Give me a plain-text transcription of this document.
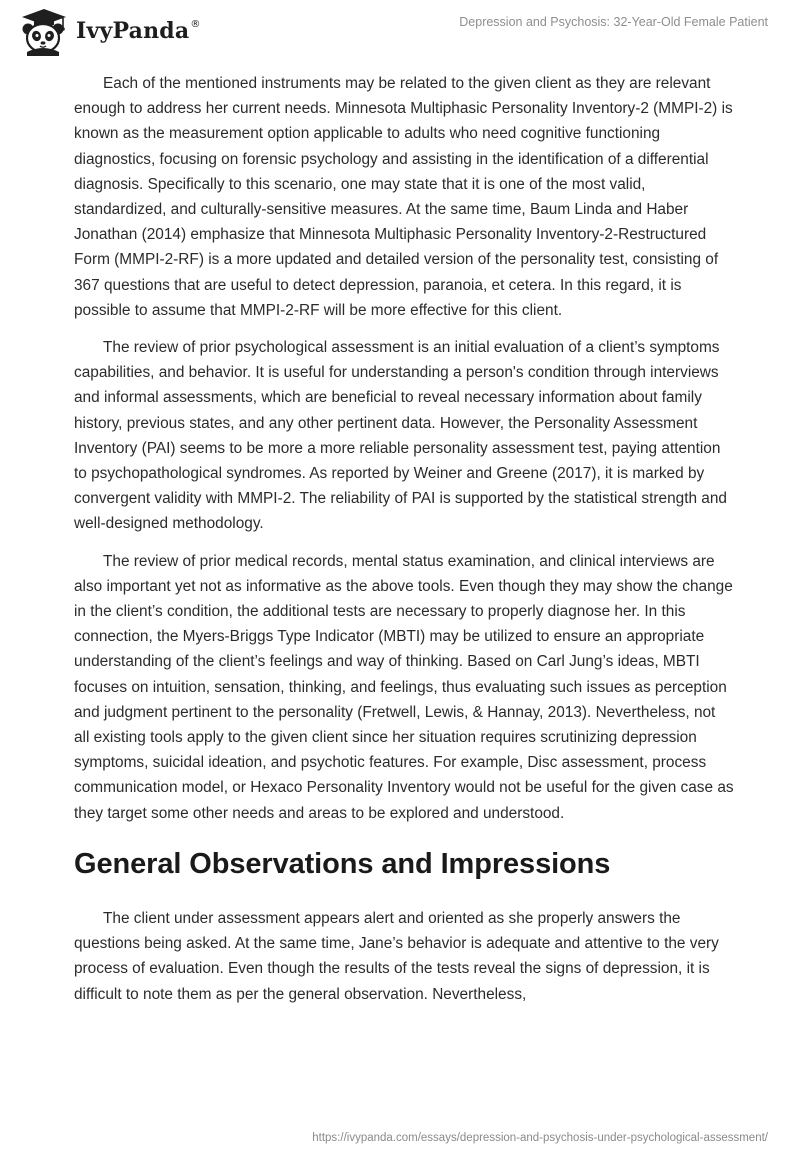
IvyPanda ®	Depression and Psychosis: 32-Year-Old Female Patient

Each of the mentioned instruments may be related to the given client as they are relevant enough to address her current needs. Minnesota Multiphasic Personality Inventory-2 (MMPI-2) is known as the measurement option applicable to adults who need cognitive functioning diagnostics, focusing on forensic psychology and assisting in the identification of a differential diagnosis. Specifically to this scenario, one may state that it is one of the most valid, standardized, and culturally-sensitive measures. At the same time, Baum Linda and Haber Jonathan (2014) emphasize that Minnesota Multiphasic Personality Inventory-2-Restructured Form (MMPI-2-RF) is a more updated and detailed version of the personality test, consisting of 367 questions that are useful to detect depression, paranoia, et cetera. In this regard, it is possible to assume that MMPI-2-RF will be more effective for this client.

The review of prior psychological assessment is an initial evaluation of a client’s symptoms capabilities, and behavior. It is useful for understanding a person's condition through interviews and informal assessments, which are beneficial to reveal necessary information about family history, previous states, and any other pertinent data. However, the Personality Assessment Inventory (PAI) seems to be more a more reliable personality assessment test, paying attention to psychopathological syndromes. As reported by Weiner and Greene (2017), it is marked by convergent validity with MMPI-2. The reliability of PAI is supported by the statistical strength and well-designed methodology.

The review of prior medical records, mental status examination, and clinical interviews are also important yet not as informative as the above tools. Even though they may show the change in the client’s condition, the additional tests are necessary to properly diagnose her. In this connection, the Myers-Briggs Type Indicator (MBTI) may be utilized to ensure an appropriate understanding of the client’s feelings and way of thinking. Based on Carl Jung’s ideas, MBTI focuses on intuition, sensation, thinking, and feelings, thus evaluating such issues as perception and judgment pertinent to the personality (Fretwell, Lewis, & Hannay, 2013). Nevertheless, not all existing tools apply to the given client since her situation requires scrutinizing depression symptoms, suicidal ideation, and psychotic features. For example, Disc assessment, process communication model, or Hexaco Personality Inventory would not be useful for the given case as they target some other needs and areas to be explored and understood.

General Observations and Impressions

The client under assessment appears alert and oriented as she properly answers the questions being asked. At the same time, Jane’s behavior is adequate and attentive to the very process of evaluation. Even though the results of the tests reveal the signs of depression, it is difficult to note them as per the general observation. Nevertheless,

https://ivypanda.com/essays/depression-and-psychosis-under-psychological-assessment/
